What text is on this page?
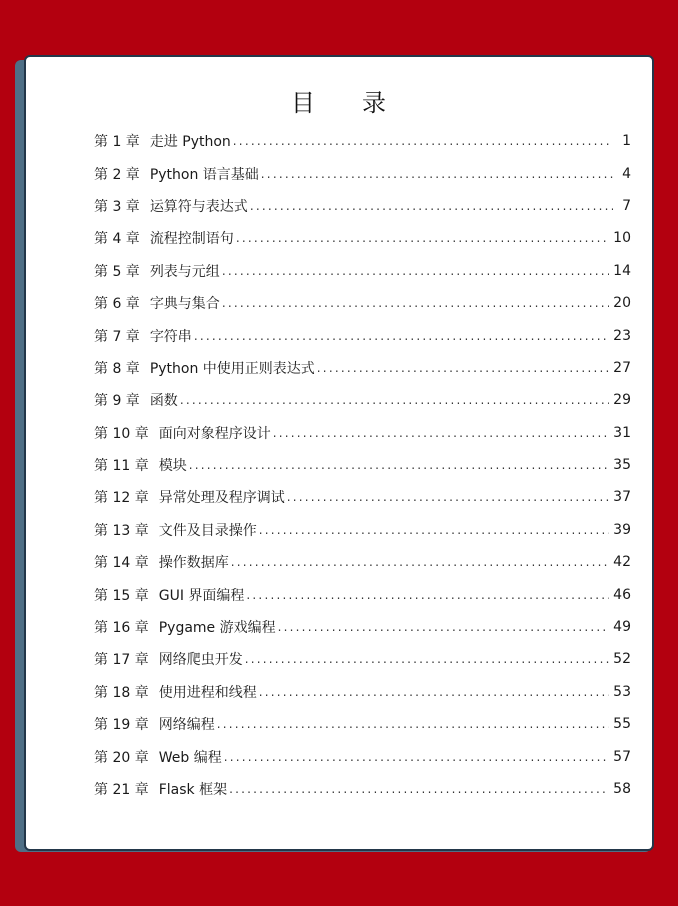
目 录
第 1 章 走进 Python .....	1
第 2 章 Python 语言基础 .....	4
第 3 章 运算符与表达式 .....	7
第 4 章 流程控制语句 .....	10
第 5 章 列表与元组 .....	14
第 6 章 字典与集合 .....	20
第 7 章 字符串 .....	23
第 8 章 Python 中使用正则表达式 .....	27
第 9 章 函数 .....	29
第 10 章 面向对象程序设计 .....	31
第 11 章 模块 .....	35
第 12 章 异常处理及程序调试 .....	37
第 13 章 文件及目录操作 .....	39
第 14 章 操作数据库 .....	42
第 15 章 GUI 界面编程 .....	46
第 16 章 Pygame 游戏编程 .....	49
第 17 章 网络爬虫开发 .....	52
第 18 章 使用进程和线程 .....	53
第 19 章 网络编程 .....	55
第 20 章 Web 编程 .....	57
第 21 章 Flask 框架 .....	58
